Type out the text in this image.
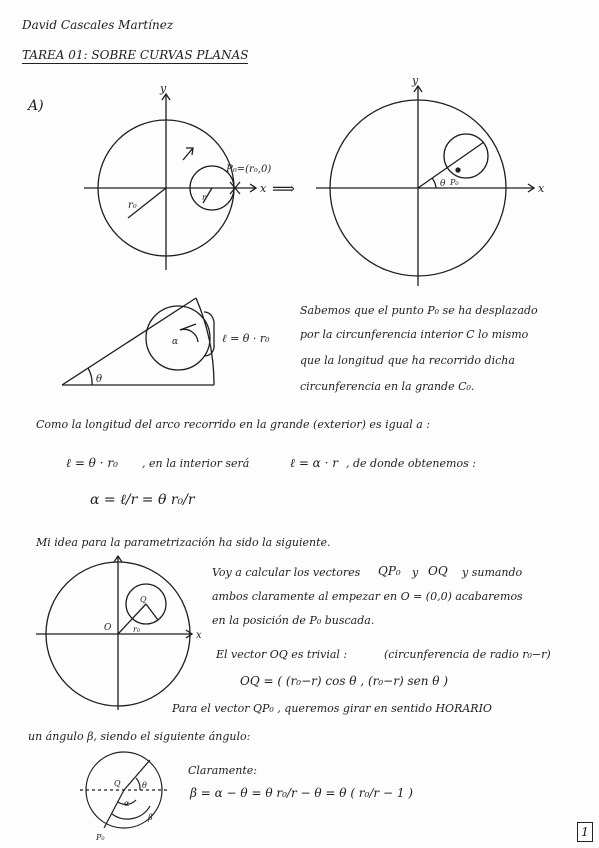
David Cascales Martínez
TAREA 01: SOBRE CURVAS PLANAS
A)
x
y
P₀=(r₀,0)
r₀
r	⟹	x
y
θ P₀
θ
α	ℓ = θ · r₀
Sabemos que el punto P₀ se ha desplazado
por la circunferencia interior C lo mismo
que la longitud que ha recorrido dicha
circunferencia en la grande C₀.
Como la longitud del arco recorrido en la grande (exterior) es igual a :
ℓ = θ · r₀ , en la interior será	ℓ = α · r , de donde obtenemos :
α = ℓ/r = θ r₀/r
Mi idea para la parametrización ha sido la siguiente.
x
O
Q
r₀
Voy a calcular los vectores QP₀ y OQ y sumando
ambos claramente al empezar en O = (0,0) acabaremos
en la posición de P₀ buscada.
El vector OQ es trivial :	(circunferencia de radio r₀−r)
OQ = ( (r₀−r) cos θ , (r₀−r) sen θ )
Para el vector QP₀ , queremos girar en sentido HORARIO
un ángulo β, siendo el siguiente ángulo:
Q	θ
α
β
P₀
Claramente:
β = α − θ = θ r₀/r − θ = θ ( r₀/r − 1 )
1
